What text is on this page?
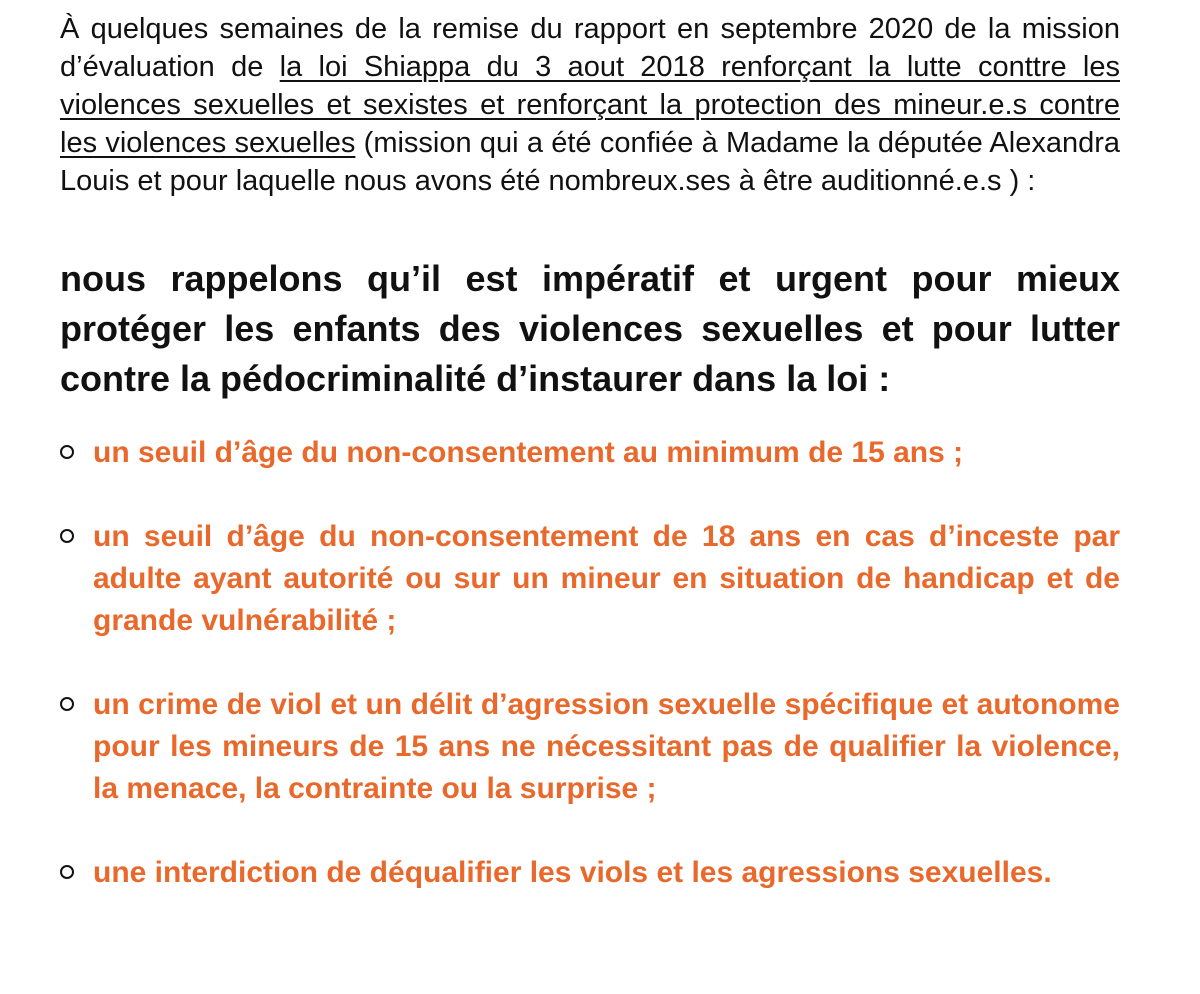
À quelques semaines de la remise du rapport en septembre 2020 de la mission d’évaluation de la loi Shiappa du 3 aout 2018 renforçant la lutte conttre les violences sexuelles et sexistes et renforçant la protection des mineur.e.s contre les violences sexuelles (mission qui a été confiée à Madame la députée Alexandra Louis et pour laquelle nous avons été nombreux.ses à être auditionné.e.s ) :

nous rappelons qu’il est impératif et urgent pour mieux protéger les enfants des violences sexuelles et pour lutter contre la pédocriminalité d’instaurer dans la loi :

un seuil d’âge du non-consentement au minimum de 15 ans ;
un seuil d’âge du non-consentement de 18 ans en cas d’inceste par adulte ayant autorité ou sur un mineur en situation de handicap et de grande vulnérabilité ;
un crime de viol et un délit d’agression sexuelle spécifique et autonome pour les mineurs de 15 ans ne nécessitant pas de qualifier la violence, la menace, la contrainte ou la surprise ;
une interdiction de déqualifier les viols et les agressions sexuelles.
